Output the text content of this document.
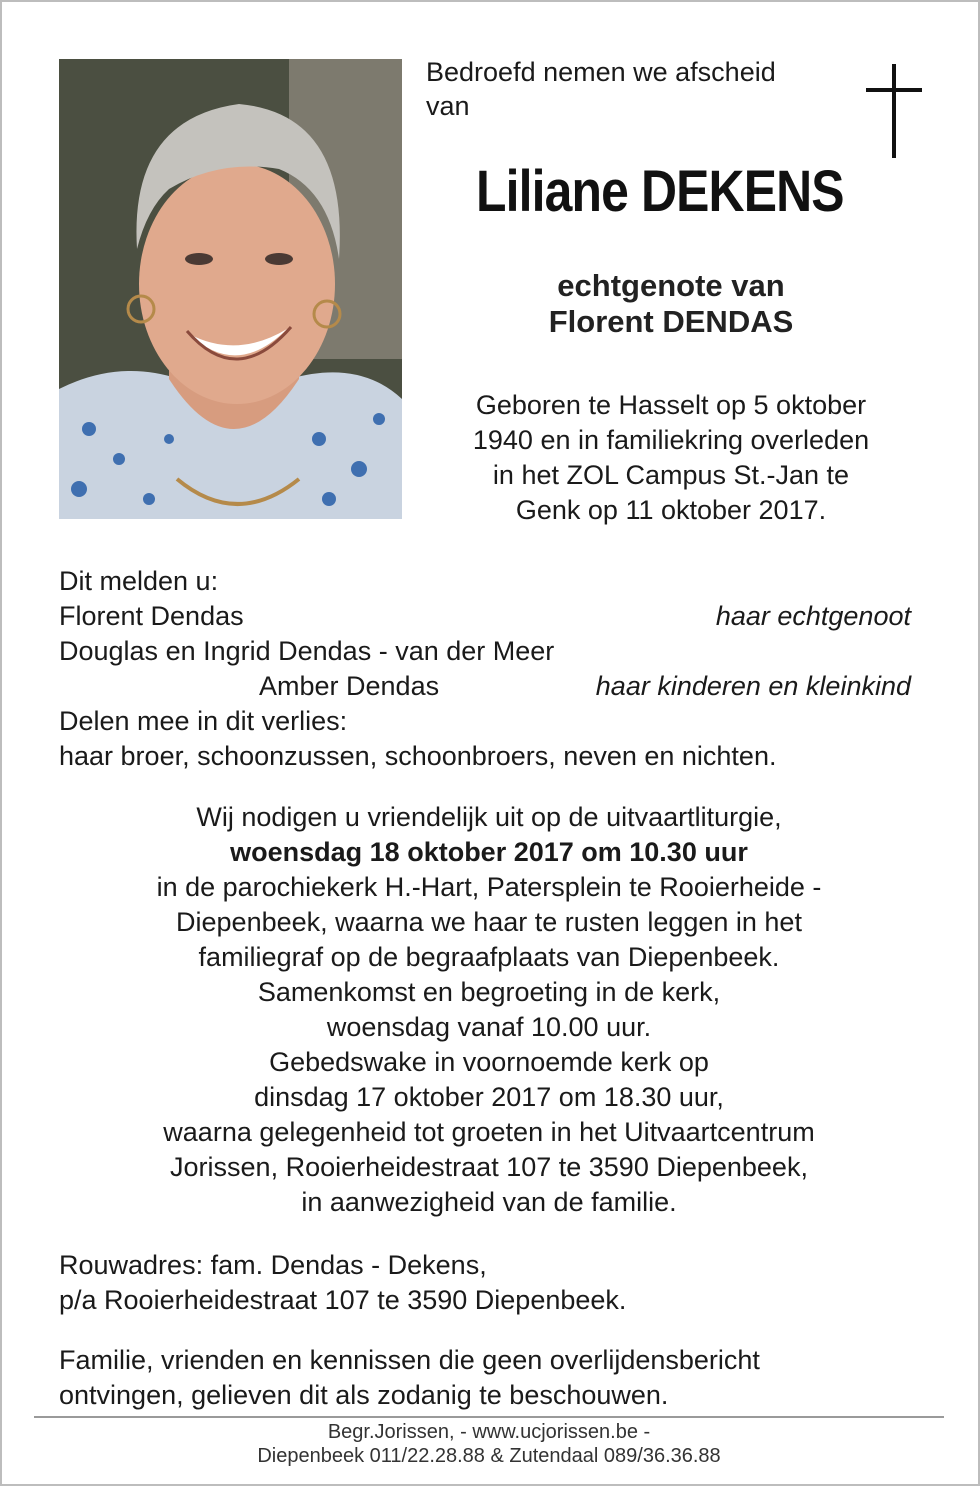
Bedroefd nemen we afscheid
van
Liliane DEKENS
echtgenote van
Florent DENDAS
Geboren te Hasselt op 5 oktober
1940 en in familiekring overleden
in het ZOL Campus St.-Jan te
Genk op 11 oktober 2017.
Dit melden u:
Florent Dendas	haar echtgenoot
Douglas en Ingrid Dendas - van der Meer
Amber Dendas	haar kinderen en kleinkind
Delen mee in dit verlies:
haar broer, schoonzussen, schoonbroers, neven en nichten.
Wij nodigen u vriendelijk uit op de uitvaartliturgie,
woensdag 18 oktober 2017 om 10.30 uur
in de parochiekerk H.-Hart, Patersplein te Rooierheide -
Diepenbeek, waarna we haar te rusten leggen in het
familiegraf op de begraafplaats van Diepenbeek.
Samenkomst en begroeting in de kerk,
woensdag vanaf 10.00 uur.
Gebedswake in voornoemde kerk op
dinsdag 17 oktober 2017 om 18.30 uur,
waarna gelegenheid tot groeten in het Uitvaartcentrum
Jorissen, Rooierheidestraat 107 te 3590 Diepenbeek,
in aanwezigheid van de familie.
Rouwadres: fam. Dendas - Dekens,
p/a Rooierheidestraat 107 te 3590 Diepenbeek.
Familie, vrienden en kennissen die geen overlijdensbericht
ontvingen, gelieven dit als zodanig te beschouwen.
Begr.Jorissen, - www.ucjorissen.be -
Diepenbeek 011/22.28.88 & Zutendaal 089/36.36.88
